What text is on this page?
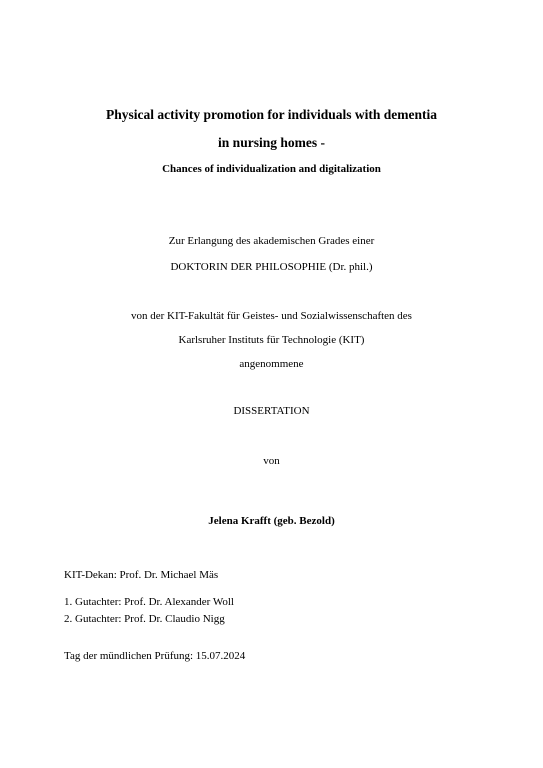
Physical activity promotion for individuals with dementia
in nursing homes -
Chances of individualization and digitalization
Zur Erlangung des akademischen Grades einer
DOKTORIN DER PHILOSOPHIE (Dr. phil.)
von der KIT-Fakultät für Geistes- und Sozialwissenschaften des
Karlsruher Instituts für Technologie (KIT)
angenommene
DISSERTATION
von
Jelena Krafft (geb. Bezold)
KIT-Dekan: Prof. Dr. Michael Mäs
1. Gutachter: Prof. Dr. Alexander Woll
2. Gutachter: Prof. Dr. Claudio Nigg
Tag der mündlichen Prüfung: 15.07.2024
